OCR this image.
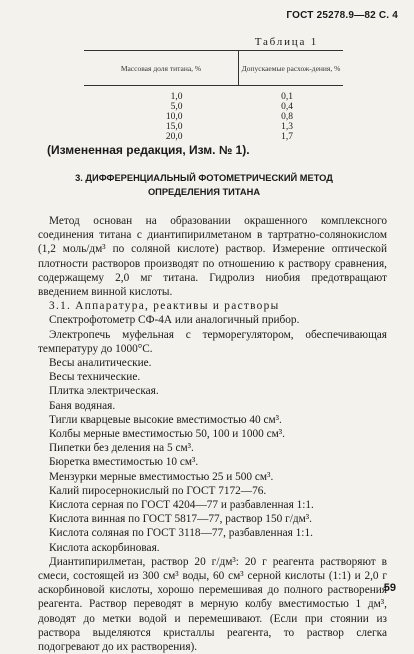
ГОСТ 25278.9—82 С. 4
Таблица 1
Массовая доля титана, %	Допускаемые расхож-дения, %
1,0	0,1
5,0	0,4
10,0	0,8
15,0	1,3
20,0	1,7
(Измененная редакция, Изм. № 1).
3. ДИФФЕРЕНЦИАЛЬНЫЙ ФОТОМЕТРИЧЕСКИЙ МЕТОД
ОПРЕДЕЛЕНИЯ ТИТАНА

Метод основан на образовании окрашенного комплексного соединения титана с диантипирилметаном в тартратно-солянокислом (1,2 моль/дм³ по соляной кислоте) раствор. Измерение оптической плотности растворов производят по отношению к раствору сравнения, содержащему 2,0 мг титана. Гидролиз ниобия предотвращают введением винной кислоты.

3.1. Аппаратура, реактивы и растворы

Спектрофотометр СФ-4А или аналогичный прибор.

Электропечь муфельная с терморегулятором, обеспечивающая температуру до 1000°С.

Весы аналитические.

Весы технические.

Плитка электрическая.

Баня водяная.

Тигли кварцевые высокие вместимостью 40 см³.

Колбы мерные вместимостью 50, 100 и 1000 см³.

Пипетки без деления на 5 см³.

Бюретка вместимостью 10 см³.

Мензурки мерные вместимостью 25 и 500 см³.

Калий пиросернокислый по ГОСТ 7172—76.

Кислота серная по ГОСТ 4204—77 и разбавленная 1:1.

Кислота винная по ГОСТ 5817—77, раствор 150 г/дм³.

Кислота соляная по ГОСТ 3118—77, разбавленная 1:1.

Кислота аскорбиновая.

Диантипирилметан, раствор 20 г/дм³: 20 г реагента растворяют в смеси, состоящей из 300 см³ воды, 60 см³ серной кислоты (1:1) и 2,0 г аскорбиновой кислоты, хорошо перемешивая до полного растворения реагента. Раствор переводят в мерную колбу вместимостью 1 дм³, доводят до метки водой и перемешивают. (Если при стоянии из раствора выделяются кристаллы реагента, то раствор слегка подогревают до их растворения).

59
